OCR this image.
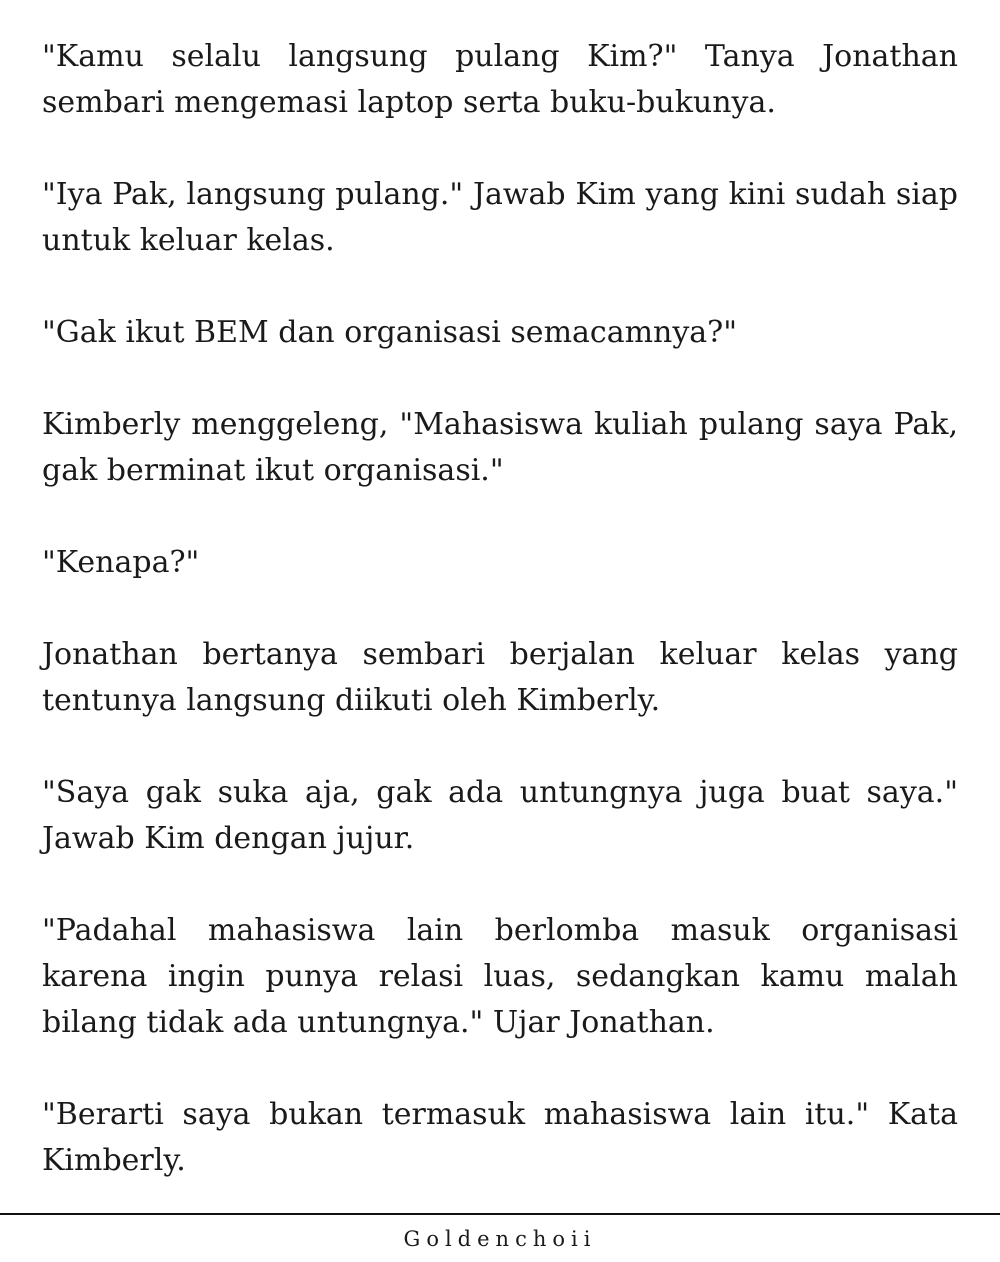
"Kamu selalu langsung pulang Kim?" Tanya Jonathan sembari mengemasi laptop serta buku-bukunya.

"Iya Pak, langsung pulang." Jawab Kim yang kini sudah siap untuk keluar kelas.

"Gak ikut BEM dan organisasi semacamnya?"

Kimberly menggeleng, "Mahasiswa kuliah pulang saya Pak, gak berminat ikut organisasi."

"Kenapa?"

Jonathan bertanya sembari berjalan keluar kelas yang tentunya langsung diikuti oleh Kimberly.

"Saya gak suka aja, gak ada untungnya juga buat saya." Jawab Kim dengan jujur.

"Padahal mahasiswa lain berlomba masuk organisasi karena ingin punya relasi luas, sedangkan kamu malah bilang tidak ada untungnya." Ujar Jonathan.

"Berarti saya bukan termasuk mahasiswa lain itu." Kata Kimberly.

Goldenchoii
